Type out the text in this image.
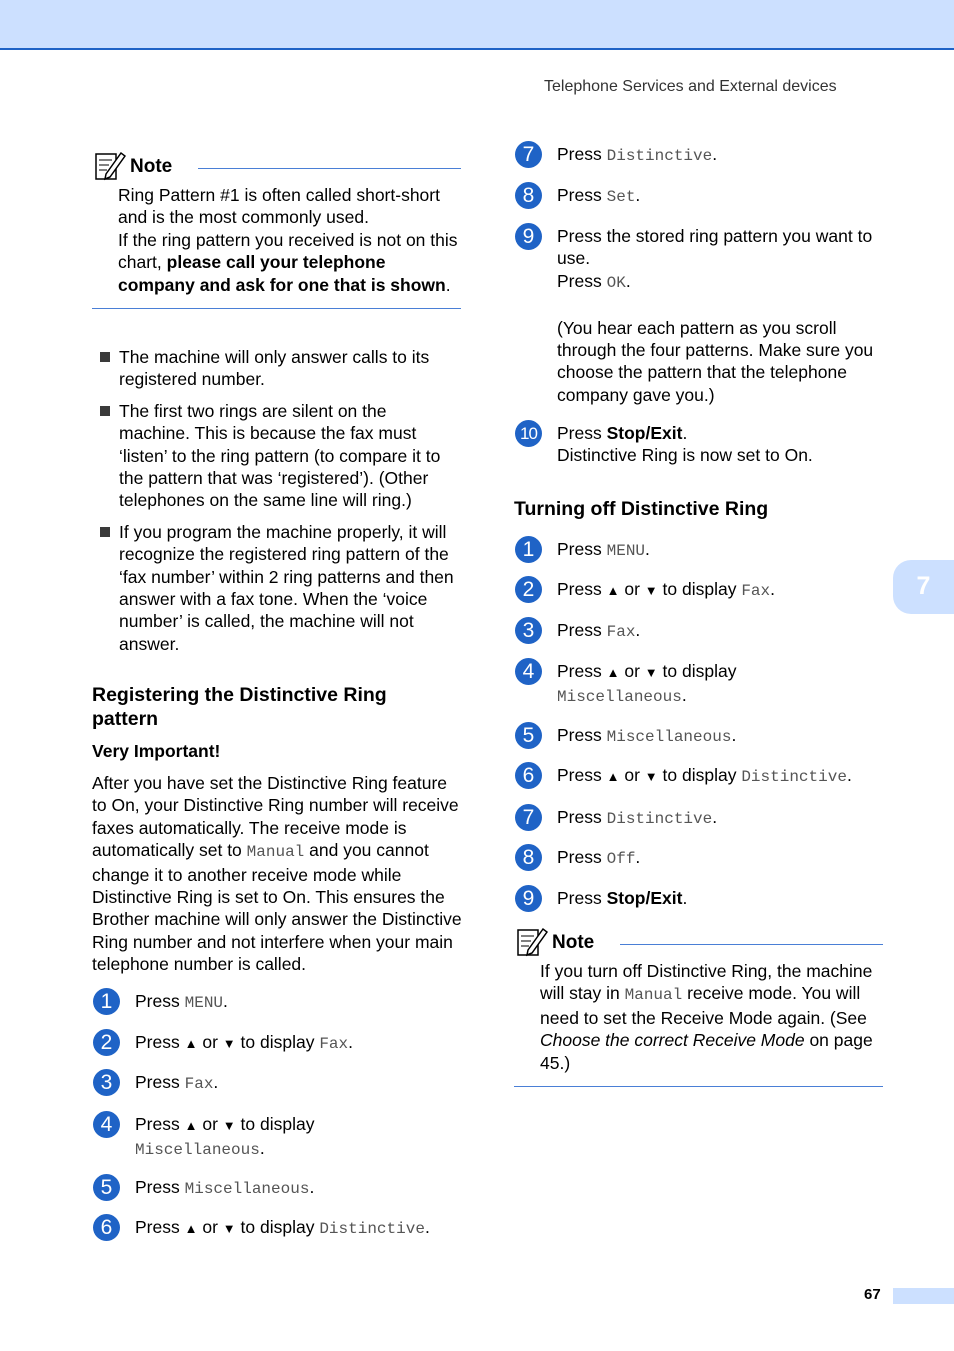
Telephone Services and External devices
7
Note

Ring Pattern #1 is often called short-short and is the most commonly used.

If the ring pattern you received is not on this chart, please call your telephone company and ask for one that is shown.

The machine will only answer calls to its registered number.
The first two rings are silent on the machine. This is because the fax must ‘listen’ to the ring pattern (to compare it to the pattern that was ‘registered’). (Other telephones on the same line will ring.)
If you program the machine properly, it will recognize the registered ring pattern of the ‘fax number’ within 2 ring patterns and then answer with a fax tone. When the ‘voice number’ is called, the machine will not answer.
Registering the Distinctive Ring pattern
Very Important!
After you have set the Distinctive Ring feature to On, your Distinctive Ring number will receive faxes automatically. The receive mode is automatically set to Manual and you cannot change it to another receive mode while Distinctive Ring is set to On. This ensures the Brother machine will only answer the Distinctive Ring number and not interfere when your main telephone number is called.
1	Press MENU.
2	Press ▲ or ▼ to display Fax.
3	Press Fax.
4	Press ▲ or ▼ to display
Miscellaneous.
5	Press Miscellaneous.
6	Press ▲ or ▼ to display Distinctive.
7	Press Distinctive.
8	Press Set.
9	Press the stored ring pattern you want to
use.
Press OK.

(You hear each pattern as you scroll through the four patterns. Make sure you choose the pattern that the telephone company gave you.)
10 Press Stop/Exit.
Distinctive Ring is now set to On.
Turning off Distinctive Ring
1	Press MENU.
2	Press ▲ or ▼ to display Fax.
3	Press Fax.
4	Press ▲ or ▼ to display
Miscellaneous.
5	Press Miscellaneous.
6	Press ▲ or ▼ to display Distinctive.
7	Press Distinctive.
8	Press Off.
9	Press Stop/Exit.
Note

If you turn off Distinctive Ring, the machine will stay in Manual receive mode. You will need to set the Receive Mode again. (See Choose the correct Receive Mode on page 45.)

67
